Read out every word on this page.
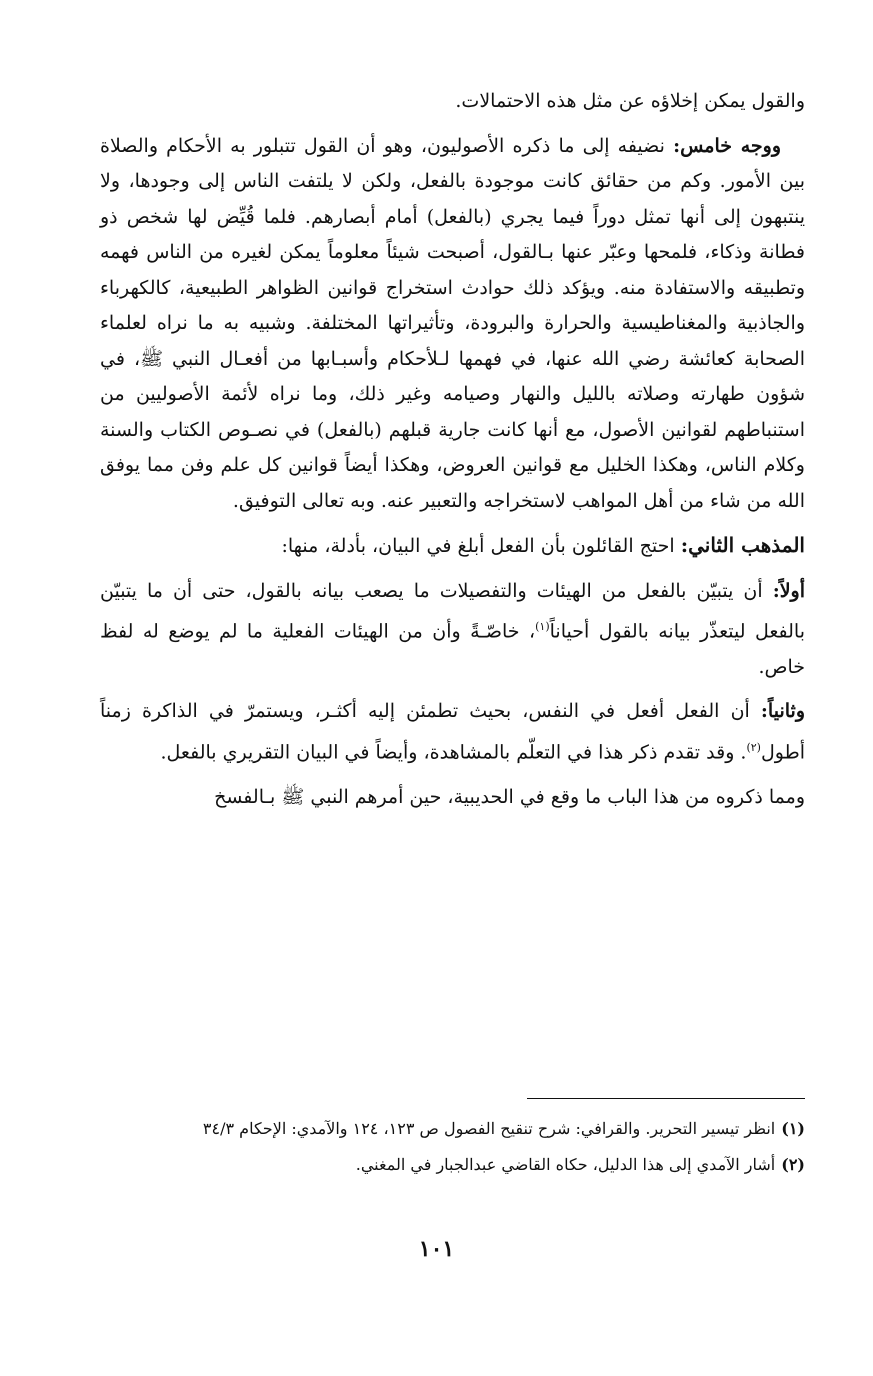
والقول يمكن إخلاؤه عن مثل هذه الاحتمالات.

ووجه خامس: نضيفه إلى ما ذكره الأصوليون، وهو أن القول تتبلور به الأحكام والصلاة بين الأمور. وكم من حقائق كانت موجودة بالفعل، ولكن لا يلتفت الناس إلى وجودها، ولا ينتبهون إلى أنها تمثل دوراً فيما يجري (بالفعل) أمام أبصارهم. فلما قُيِّض لها شخص ذو فطانة وذكاء، فلمحها وعبّر عنها بـالقول، أصبحت شيئاً معلوماً يمكن لغيره من الناس فهمه وتطبيقه والاستفادة منه. ويؤكد ذلك حوادث استخراج قوانين الظواهر الطبيعية، كالكهرباء والجاذبية والمغناطيسية والحرارة والبرودة، وتأثيراتها المختلفة. وشبيه به ما نراه لعلماء الصحابة كعائشة رضي الله عنها، في فهمها لـلأحكام وأسبـابها من أفعـال النبي ﷺ، في شؤون طهارته وصلاته بالليل والنهار وصيامه وغير ذلك، وما نراه لأئمة الأصوليين من استنباطهم لقوانين الأصول، مع أنها كانت جارية قبلهم (بالفعل) في نصـوص الكتاب والسنة وكلام الناس، وهكذا الخليل مع قوانين العروض، وهكذا أيضاً قوانين كل علم وفن مما يوفق الله من شاء من أهل المواهب لاستخراجه والتعبير عنه. وبه تعالى التوفيق.

المذهب الثاني: احتج القائلون بأن الفعل أبلغ في البيان، بأدلة، منها:

أولاً: أن يتبيّن بالفعل من الهيئات والتفصيلات ما يصعب بيانه بالقول، حتى أن ما يتبيّن بالفعل ليتعذّر بيانه بالقول أحياناً$^{(١)}$، خاصّـةً وأن من الهيئات الفعلية ما لم يوضع له لفظ خاص.

وثانياً: أن الفعل أفعل في النفس، بحيث تطمئن إليه أكثـر، ويستمرّ في الذاكرة زمناً أطول$^{(٢)}$. وقد تقدم ذكر هذا في التعلّم بالمشاهدة، وأيضاً في البيان التقريري بالفعل.

ومما ذكروه من هذا الباب ما وقع في الحديبية، حين أمرهم النبي ﷺ بـالفسخ

(١)انظر تيسير التحرير. والقرافي: شرح تنقيح الفصول ص ١٢٣، ١٢٤ والآمدي: الإحكام ٣٤/٣

(٢)أشار الآمدي إلى هذا الدليل، حكاه القاضي عبدالجبار في المغني.

١٠١
